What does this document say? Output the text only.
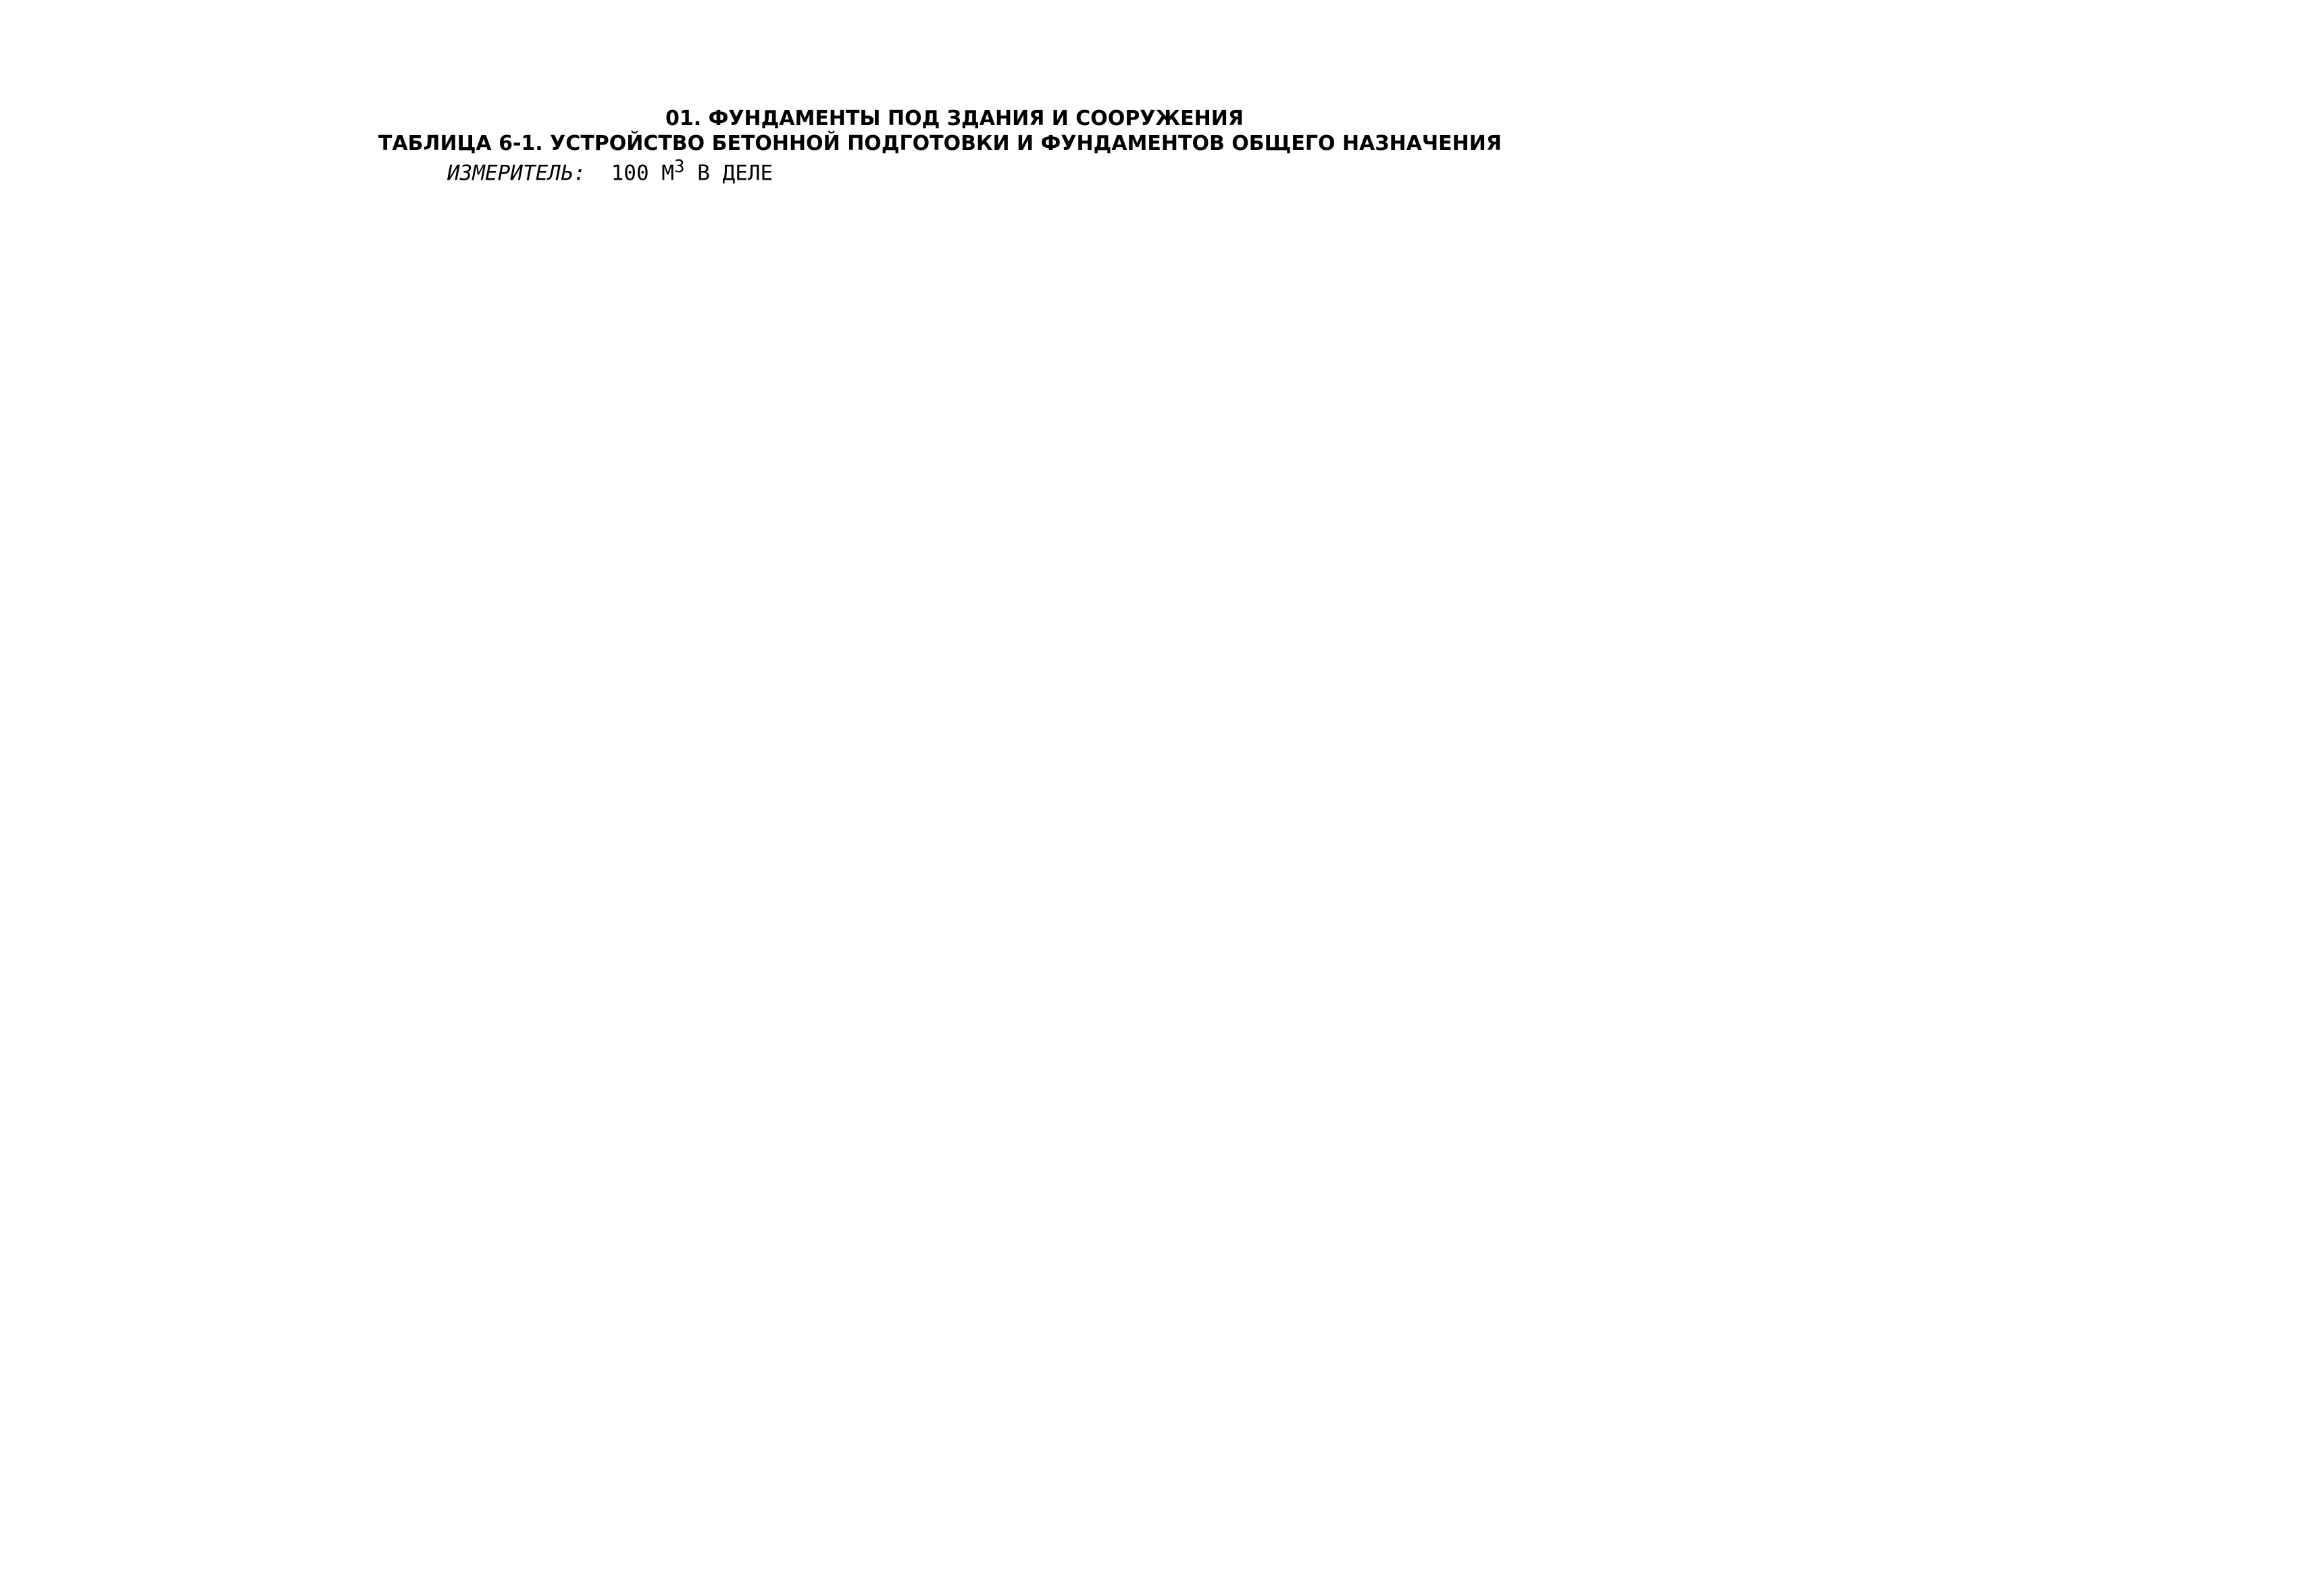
01. ФУНДАМЕНТЫ ПОД ЗДАНИЯ И СООРУЖЕНИЯ
ТАБЛИЦА 6-1. УСТРОЙСТВО БЕТОННОЙ ПОДГОТОВКИ И ФУНДАМЕНТОВ ОБЩЕГО НАЗНАЧЕНИЯ
ИЗМЕРИТЕЛЬ: 100 $М^3$ В ДЕЛЕ
